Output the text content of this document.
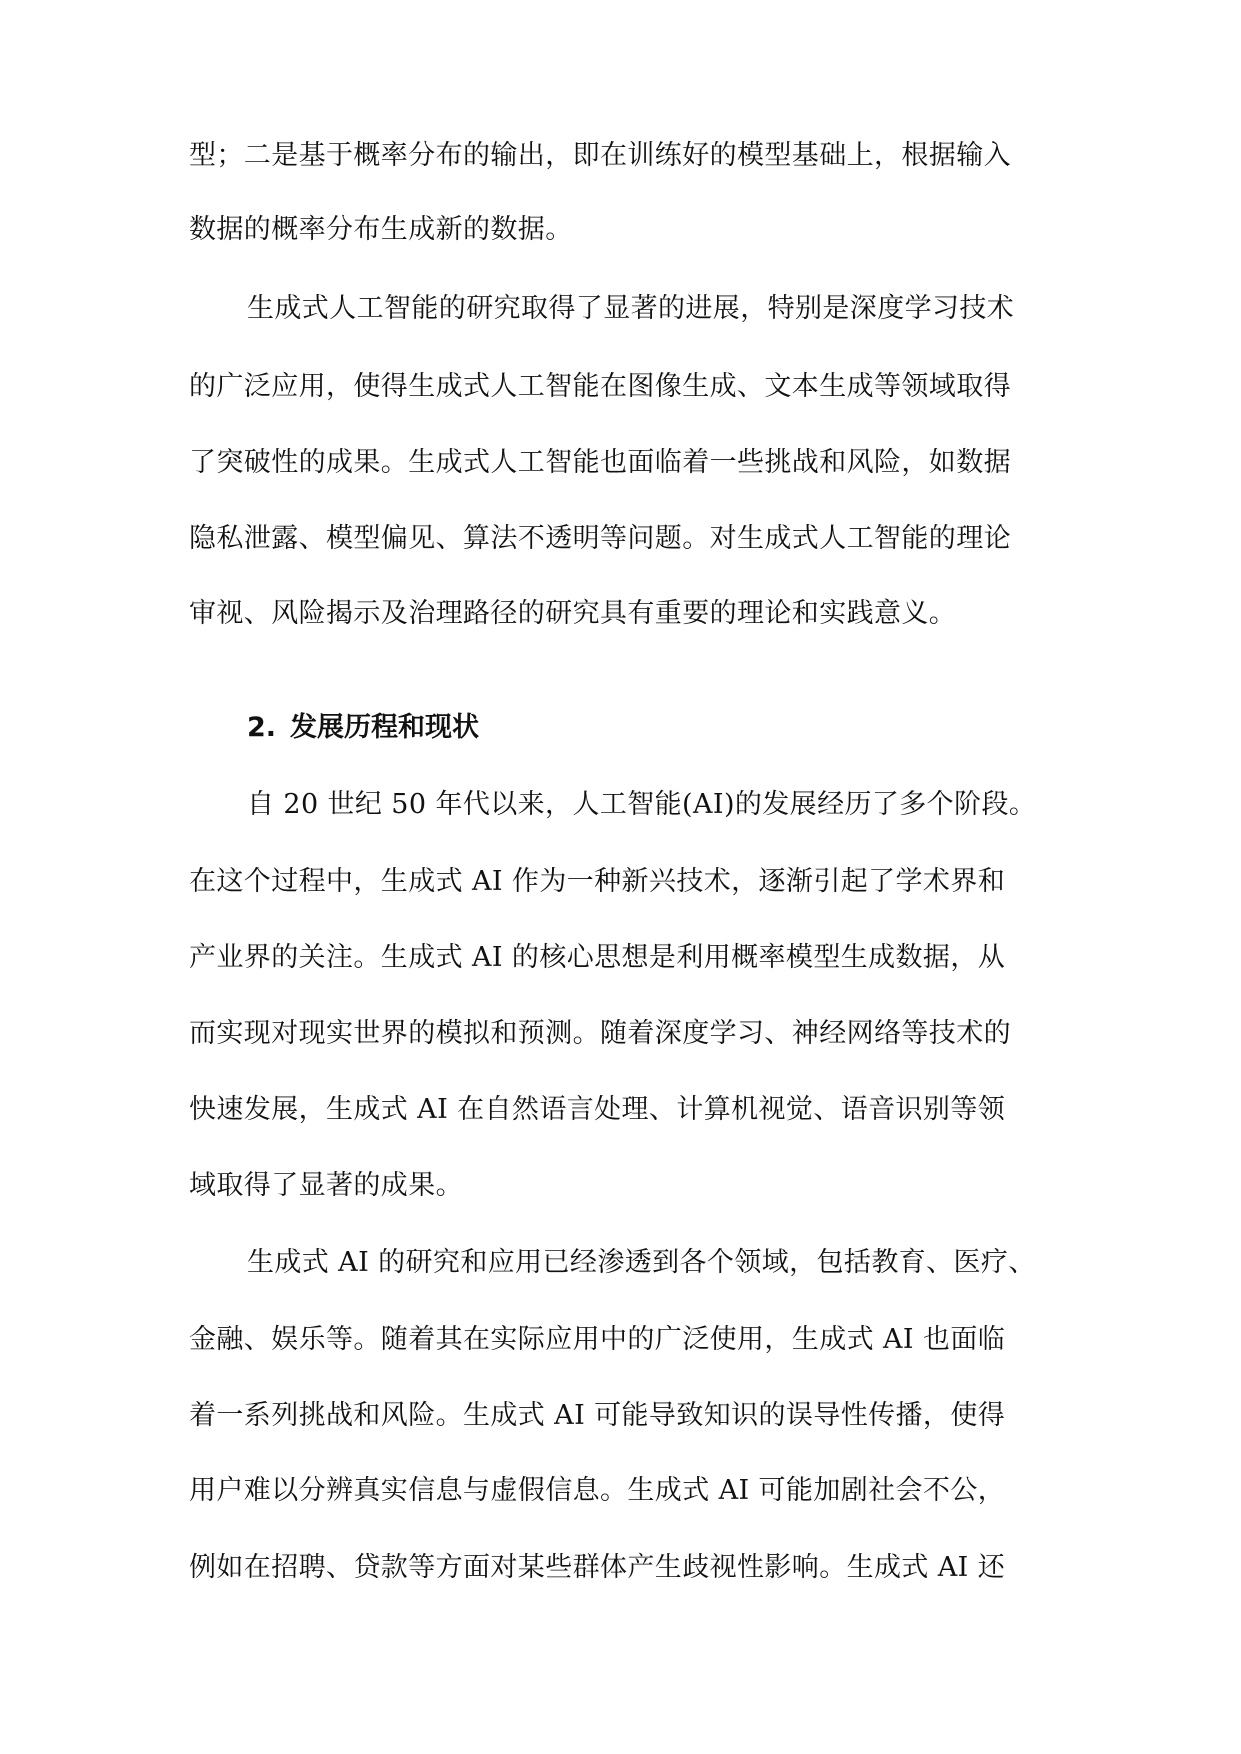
型；二是基于概率分布的输出，即在训练好的模型基础上，根据输入
数据的概率分布生成新的数据。
生成式人工智能的研究取得了显著的进展，特别是深度学习技术
的广泛应用，使得生成式人工智能在图像生成、文本生成等领域取得
了突破性的成果。生成式人工智能也面临着一些挑战和风险，如数据
隐私泄露、模型偏见、算法不透明等问题。对生成式人工智能的理论
审视、风险揭示及治理路径的研究具有重要的理论和实践意义。
2. 发展历程和现状
自 20 世纪 50 年代以来，人工智能(AI)的发展经历了多个阶段。
在这个过程中，生成式 AI 作为一种新兴技术，逐渐引起了学术界和
产业界的关注。生成式 AI 的核心思想是利用概率模型生成数据，从
而实现对现实世界的模拟和预测。随着深度学习、神经网络等技术的
快速发展，生成式 AI 在自然语言处理、计算机视觉、语音识别等领
域取得了显著的成果。
生成式 AI 的研究和应用已经渗透到各个领域，包括教育、医疗、
金融、娱乐等。随着其在实际应用中的广泛使用，生成式 AI 也面临
着一系列挑战和风险。生成式 AI 可能导致知识的误导性传播，使得
用户难以分辨真实信息与虚假信息。生成式 AI 可能加剧社会不公，
例如在招聘、贷款等方面对某些群体产生歧视性影响。生成式 AI 还
